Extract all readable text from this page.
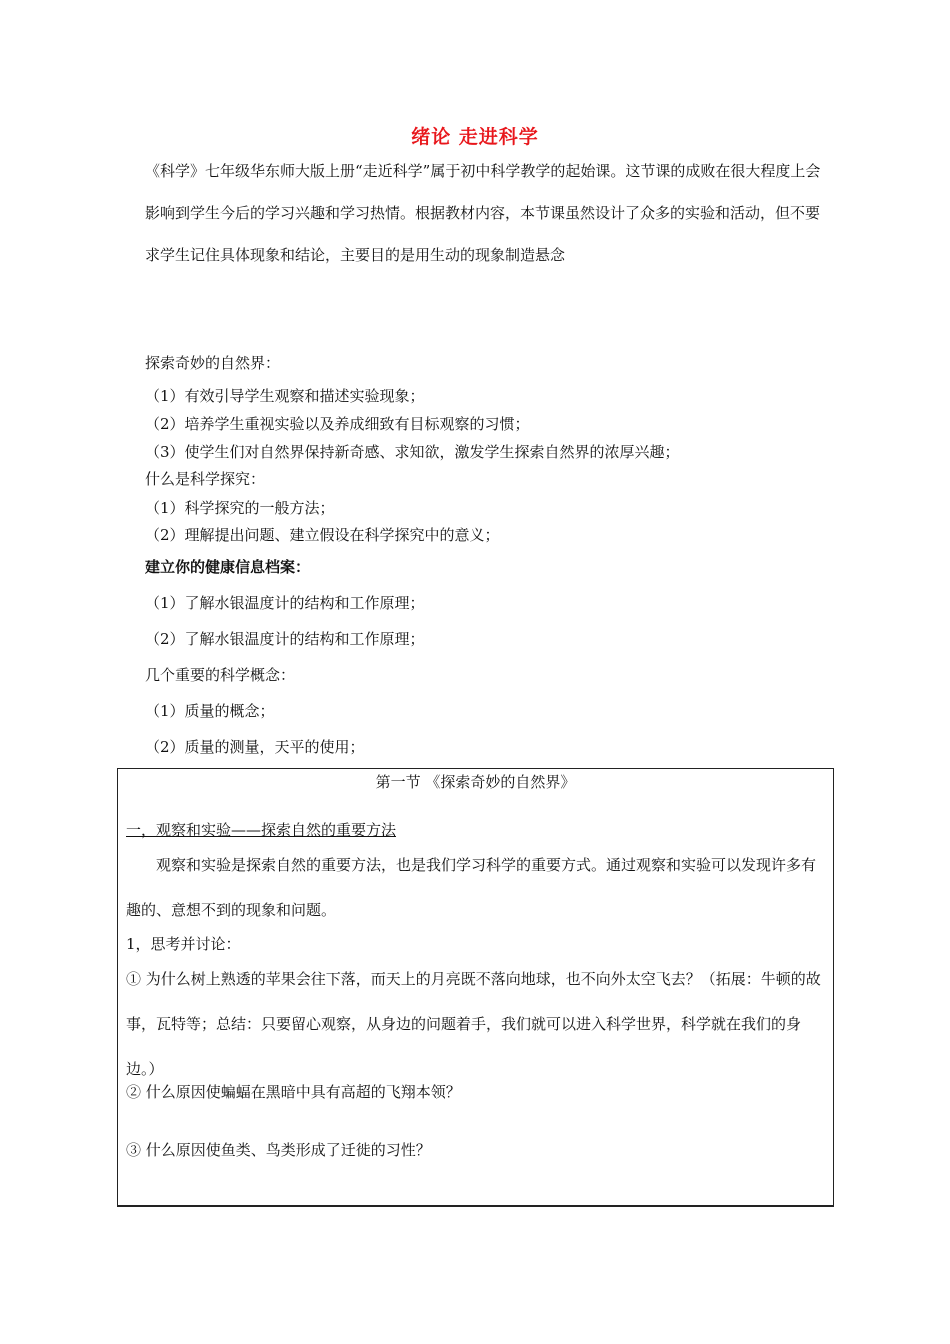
绪论 走进科学
《科学》七年级华东师大版上册“走近科学”属于初中科学教学的起始课。这节课的成败在很大程度上会影响到学生今后的学习兴趣和学习热情。根据教材内容，本节课虽然设计了众多的实验和活动，但不要求学生记住具体现象和结论，主要目的是用生动的现象制造悬念
探索奇妙的自然界：
（1）有效引导学生观察和描述实验现象；
（2）培养学生重视实验以及养成细致有目标观察的习惯；
（3）使学生们对自然界保持新奇感、求知欲，激发学生探索自然界的浓厚兴趣；
什么是科学探究：
（1）科学探究的一般方法；
（2）理解提出问题、建立假设在科学探究中的意义；
建立你的健康信息档案：
（1）了解水银温度计的结构和工作原理；
（2）了解水银温度计的结构和工作原理；
几个重要的科学概念：
（1）质量的概念；
（2）质量的测量，天平的使用；
第一节 《探索奇妙的自然界》
一，观察和实验——探索自然的重要方法
观察和实验是探索自然的重要方法，也是我们学习科学的重要方式。通过观察和实验可以发现许多有趣的、意想不到的现象和问题。
1，思考并讨论：
① 为什么树上熟透的苹果会往下落，而天上的月亮既不落向地球，也不向外太空飞去？（拓展：牛顿的故事，瓦特等；总结：只要留心观察，从身边的问题着手，我们就可以进入科学世界，科学就在我们的身边。）
② 什么原因使蝙蝠在黑暗中具有高超的飞翔本领？
③ 什么原因使鱼类、鸟类形成了迁徙的习性？
